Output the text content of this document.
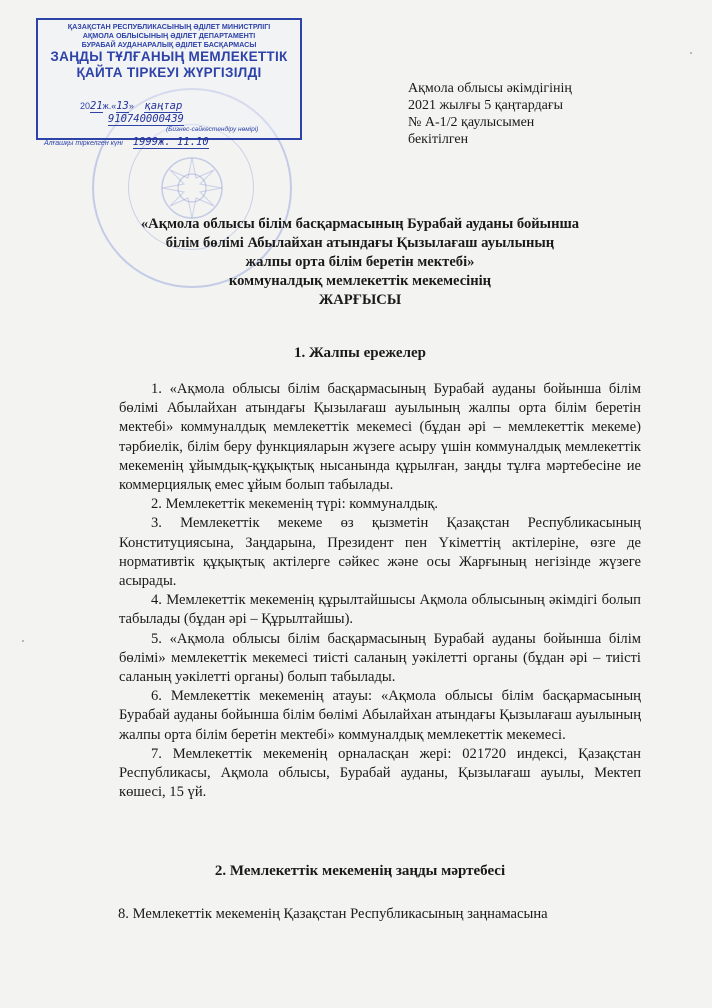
ҚАЗАҚСТАН РЕСПУБЛИКАСЫНЫҢ ӘДІЛЕТ МИНИСТРЛІГІ
АҚМОЛА ОБЛЫСЫНЫҢ ӘДІЛЕТ ДЕПАРТАМЕНТІ
БУРАБАЙ АУДАНАРАЛЫҚ ӘДІЛЕТ БАСҚАРМАСЫ
ЗАҢДЫ ТҰЛҒАНЫҢ МЕМЛЕКЕТТІК
ҚАЙТА ТІРКЕУІ ЖҮРГІЗІЛДІ
2021ж.«13» қаңтар
910740000439
(Бизнес-сәйкестендіру нөмірі)
Алғашқы тіркелген күні 1999ж. 11.10
Ақмола облысы әкімдігінің
2021 жылғы 5 қаңтардағы
№ А-1/2 қаулысымен
бекітілген
«Ақмола облысы білім басқармасының Бурабай ауданы бойынша
білім бөлімі Абылайхан атындағы Қызылағаш ауылының
жалпы орта білім беретін мектебі»
коммуналдық мемлекеттік мекемесінің
ЖАРҒЫСЫ
1. Жалпы ережелер

1. «Ақмола облысы білім басқармасының Бурабай ауданы бойынша білім бөлімі Абылайхан атындағы Қызылағаш ауылының жалпы орта білім беретін мектебі» коммуналдық мемлекеттік мекемесі (бұдан әрі – мемлекеттік мекеме) тәрбиелік, білім беру функцияларын жүзеге асыру үшін коммуналдық мемлекеттік мекеменің ұйымдық-құқықтық нысанында құрылған, заңды тұлға мәртебесіне ие коммерциялық емес ұйым болып табылады.

2. Мемлекеттік мекеменің түрі: коммуналдық.

3. Мемлекеттік мекеме өз қызметін Қазақстан Республикасының Конституциясына, Заңдарына, Президент пен Үкіметтің актілеріне, өзге де нормативтік құқықтық актілерге сәйкес және осы Жарғының негізінде жүзеге асырады.

4. Мемлекеттік мекеменің құрылтайшысы Ақмола облысының әкімдігі болып табылады (бұдан әрі – Құрылтайшы).

5. «Ақмола облысы білім басқармасының Бурабай ауданы бойынша білім бөлімі» мемлекеттік мекемесі тиісті саланың уәкілетті органы (бұдан әрі – тиісті саланың уәкілетті органы) болып табылады.

6. Мемлекеттік мекеменің атауы: «Ақмола облысы білім басқармасының Бурабай ауданы бойынша білім бөлімі Абылайхан атындағы Қызылағаш ауылының жалпы орта білім беретін мектебі» коммуналдық мемлекеттік мекемесі.

7. Мемлекеттік мекеменің орналасқан жері: 021720 индексі, Қазақстан Республикасы, Ақмола облысы, Бурабай ауданы, Қызылағаш ауылы, Мектеп көшесі, 15 үй.

2. Мемлекеттік мекеменің заңды мәртебесі
8. Мемлекеттік мекеменің Қазақстан Республикасының заңнамасына
